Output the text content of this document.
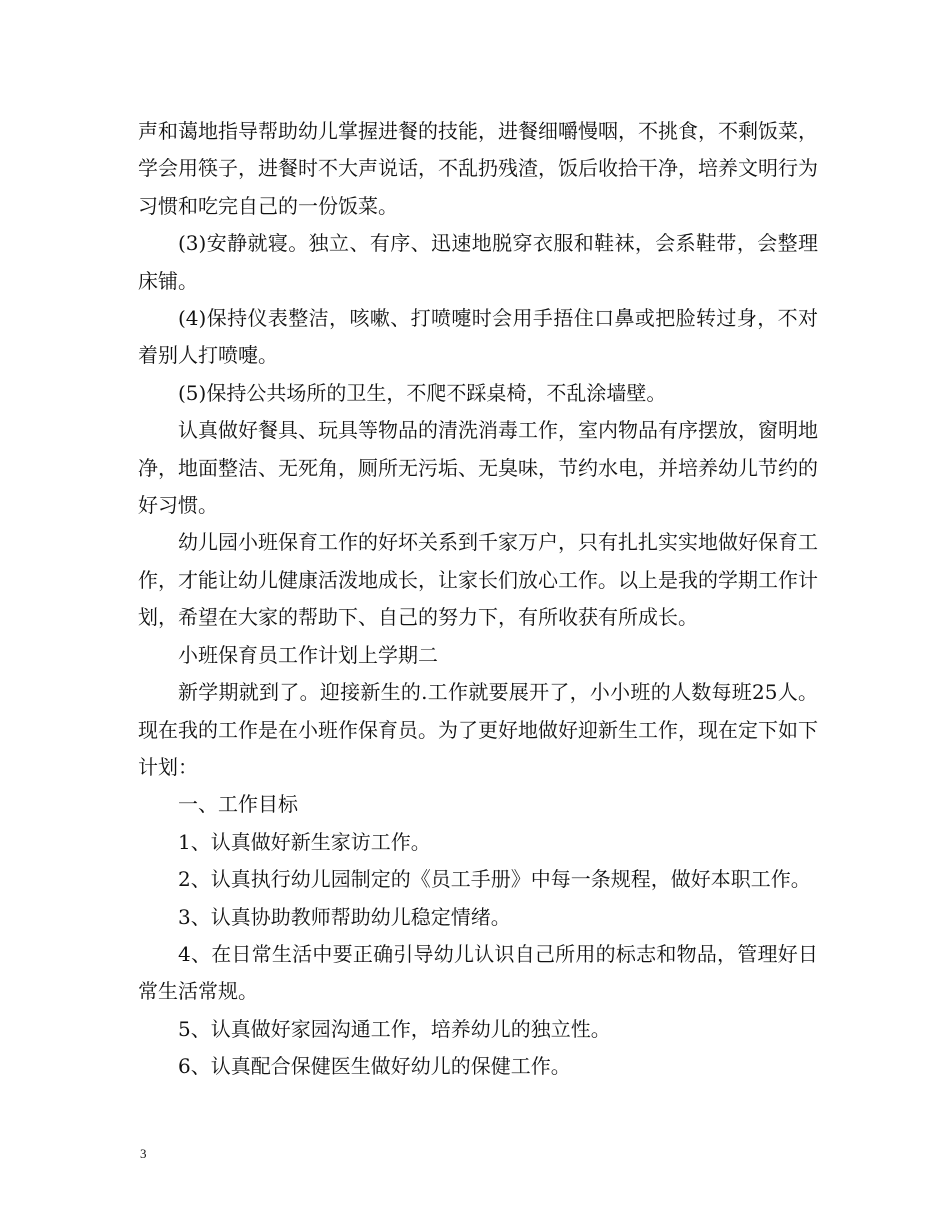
声和蔼地指导帮助幼儿掌握进餐的技能，进餐细嚼慢咽，不挑食，不剩饭菜，学会用筷子，进餐时不大声说话，不乱扔残渣，饭后收拾干净，培养文明行为习惯和吃完自己的一份饭菜。

(3)安静就寝。独立、有序、迅速地脱穿衣服和鞋袜，会系鞋带，会整理床铺。

(4)保持仪表整洁，咳嗽、打喷嚏时会用手捂住口鼻或把脸转过身，不对着别人打喷嚏。

(5)保持公共场所的卫生，不爬不踩桌椅，不乱涂墙壁。

认真做好餐具、玩具等物品的清洗消毒工作，室内物品有序摆放，窗明地净，地面整洁、无死角，厕所无污垢、无臭味，节约水电，并培养幼儿节约的好习惯。

幼儿园小班保育工作的好坏关系到千家万户，只有扎扎实实地做好保育工作，才能让幼儿健康活泼地成长，让家长们放心工作。以上是我的学期工作计划，希望在大家的帮助下、自己的努力下，有所收获有所成长。

小班保育员工作计划上学期二

新学期就到了。迎接新生的.工作就要展开了，小小班的人数每班25人。现在我的工作是在小班作保育员。为了更好地做好迎新生工作，现在定下如下计划：

一、工作目标

1、认真做好新生家访工作。

2、认真执行幼儿园制定的《员工手册》中每一条规程，做好本职工作。

3、认真协助教师帮助幼儿稳定情绪。

4、在日常生活中要正确引导幼儿认识自己所用的标志和物品，管理好日常生活常规。

5、认真做好家园沟通工作，培养幼儿的独立性。

6、认真配合保健医生做好幼儿的保健工作。

3
